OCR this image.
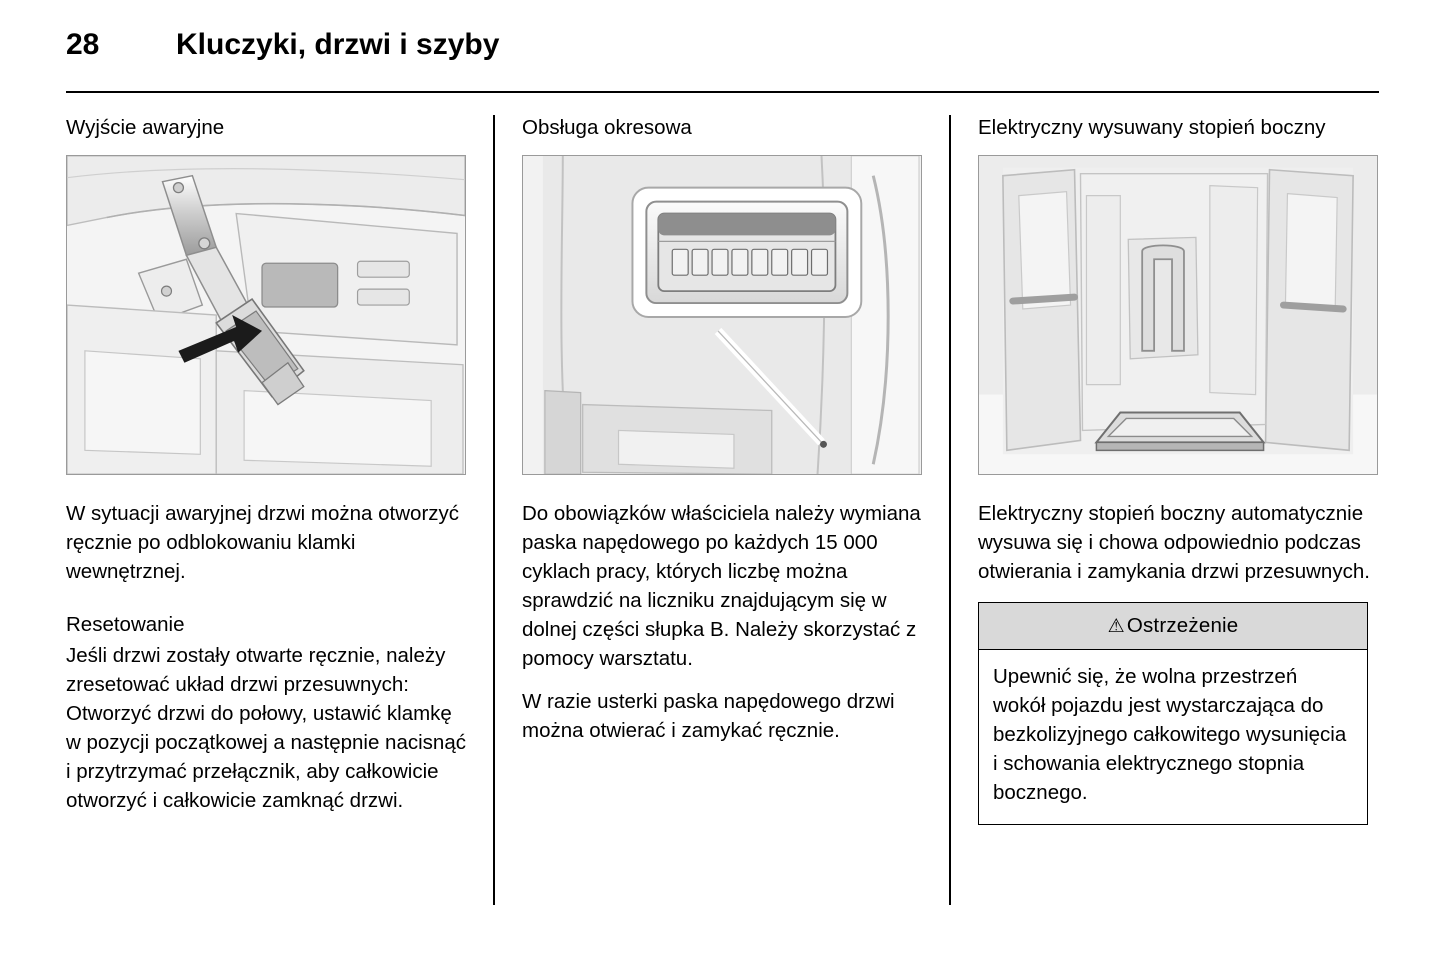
28	Kluczyki, drzwi i szyby
Wyjście awaryjne

W sytuacji awaryjnej drzwi można otworzyć ręcznie po odblokowaniu klamki wewnętrznej.

Resetowanie

Jeśli drzwi zostały otwarte ręcznie, należy zresetować układ drzwi przesuwnych: Otworzyć drzwi do połowy, ustawić klamkę w pozycji początkowej a następnie nacisnąć i przytrzymać przełącznik, aby całkowicie otworzyć i całkowicie zamknąć drzwi.

Obsługa okresowa

Do obowiązków właściciela należy wymiana paska napędowego po każdych 15 000 cyklach pracy, których liczbę można sprawdzić na liczniku znajdującym się w dolnej części słupka B. Należy skorzystać z pomocy warsztatu.

W razie usterki paska napędowego drzwi można otwierać i zamykać ręcznie.

Elektryczny wysuwany stopień boczny

Elektryczny stopień boczny automatycznie wysuwa się i chowa odpowiednio podczas otwierania i zamykania drzwi przesuwnych.

⚠Ostrzeżenie
Upewnić się, że wolna przestrzeń wokół pojazdu jest wystarczająca do bezkolizyjnego całkowitego wysunięcia i schowania elektrycznego stopnia bocznego.
